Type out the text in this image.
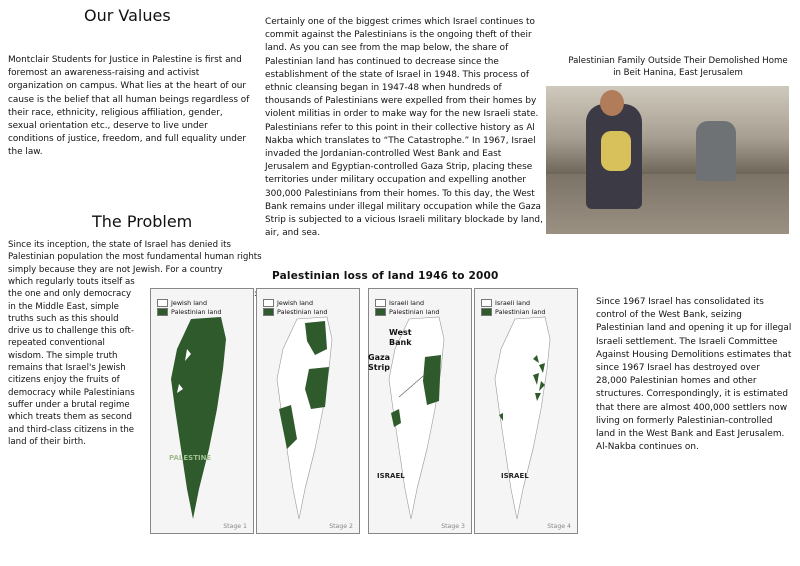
Our Values

Montclair Students for Justice in Palestine is first and foremost an awareness-raising and activist organization on campus. What lies at the heart of our cause is the belief that all human beings regardless of their race, ethnicity, religious affiliation, gender, sexual orientation etc., deserve to live under conditions of justice, freedom, and full equality under the law.

The Problem

Since its inception, the state of Israel has denied its Palestinian population the most fundamental human rights simply because they are not Jewish. For a country

which regularly touts itself as the one and only democracy in the Middle East, simple truths such as this should drive us to challenge this oft-repeated conventional wisdom. The simple truth remains that Israel's Jewish citizens enjoy the fruits of democracy while Palestinians suffer under a brutal regime which treats them as second and third-class citizens in the land of their birth.

Certainly one of the biggest crimes which Israel continues to commit against the Palestinians is the ongoing theft of their land. As you can see from the map below, the share of Palestinian land has continued to decrease since the establishment of the state of Israel in 1948. This process of ethnic cleansing began in 1947-48 when hundreds of thousands of Palestinians were expelled from their homes by violent militias in order to make way for the new Israeli state. Palestinians refer to this point in their collective history as Al Nakba which translates to “The Catastrophe.” In 1967, Israel invaded the Jordanian-controlled West Bank and East Jerusalem and Egyptian-controlled Gaza Strip, placing these territories under military occupation and expelling another 300,000 Palestinians from their homes. To this day, the West Bank remains under illegal military occupation while the Gaza Strip is subjected to a vicious Israeli military blockade by land, air, and sea.

Palestinian Family Outside Their Demolished Home in Beit Hanina, East Jerusalem

Palestinian loss of land 1946 to 2000
Jewish land
Palestinian land
PALESTINE
Stage 1
Jewish land
Palestinian land
Stage 2
Israeli land
Palestinian land
ISRAEL
Stage 3
Israeli land
Palestinian land
ISRAEL
Stage 4
West
Bank
Gaza
Strip

Since 1967 Israel has consolidated its control of the West Bank, seizing Palestinian land and opening it up for illegal Israeli settlement. The Israeli Committee Against Housing Demolitions estimates that since 1967 Israel has destroyed over 28,000 Palestinian homes and other structures. Correspondingly, it is estimated that there are almost 400,000 settlers now living on formerly Palestinian-controlled land in the West Bank and East Jerusalem. Al-Nakba continues on.
